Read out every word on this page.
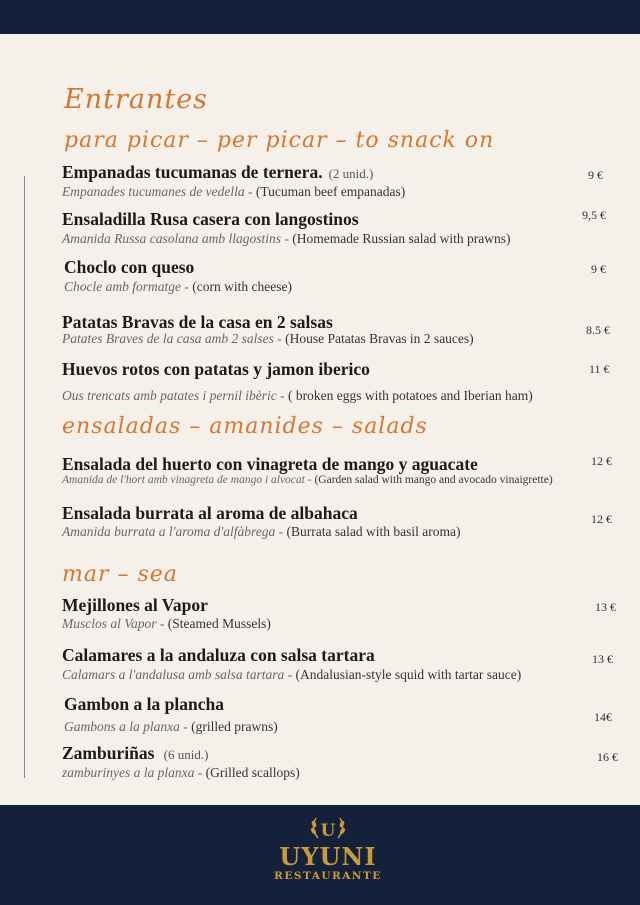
Entrantes
para picar – per picar – to snack on
Empanadas tucumanas de ternera. (2 unid.)
Empanades tucumanes de vedella - (Tucuman beef empanadas)
9 €
Ensaladilla Rusa casera con langostinos
Amanida Russa casolana amb llagostins - (Homemade Russian salad with prawns)
9,5 €
Choclo con queso
Chocle amb formatge - (corn with cheese)
9 €
Patatas Bravas de la casa en 2 salsas
Patates Braves de la casa amb 2 salses - (House Patatas Bravas in 2 sauces)
8.5 €
Huevos rotos con patatas y jamon iberico
Ous trencats amb patates i pernil ibèric - ( broken eggs with potatoes and Iberian ham)
11 €
ensaladas – amanides – salads
Ensalada del huerto con vinagreta de mango y aguacate
Amanida de l'hort amb vinagreta de mango i alvocat - (Garden salad with mango and avocado vinaigrette)
12 €
Ensalada burrata al aroma de albahaca
Amanida burrata a l'aroma d'alfàbrega - (Burrata salad with basil aroma)
12 €
mar – sea
Mejillones al Vapor
Musclos al Vapor - (Steamed Mussels)
13 €
Calamares a la andaluza con salsa tartara
Calamars a l'andalusa amb salsa tartara - (Andalusian-style squid with tartar sauce)
13 €
Gambon a la plancha
Gambons a la planxa - (grilled prawns)
14€
Zamburiñas (6 unid.)
zamburinyes a la planxa - (Grilled scallops)
16 €
U
UYUNI
RESTAURANTE
